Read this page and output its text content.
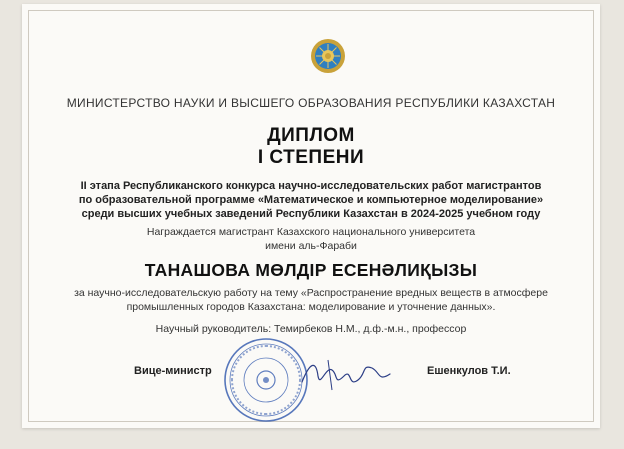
МИНИСТЕРСТВО НАУКИ И ВЫСШЕГО ОБРАЗОВАНИЯ РЕСПУБЛИКИ КАЗАХСТАН
ДИПЛОМ
I СТЕПЕНИ
II этапа Республиканского конкурса научно-исследовательских работ магистрантов
по образовательной программе «Математическое и компьютерное моделирование»
среди высших учебных заведений Республики Казахстан в 2024-2025 учебном году
Награждается магистрант Казахского национального университета
имени аль-Фараби
ТАНАШОВА МӨЛДІР ЕСЕНӘЛИҚЫЗЫ
за научно-исследовательскую работу на тему «Распространение вредных веществ в атмосфере
промышленных городов Казахстана: моделирование и уточнение данных».
Научный руководитель: Темирбеков Н.М., д.ф.-м.н., профессор
Вице-министр	Ешенкулов Т.И.
